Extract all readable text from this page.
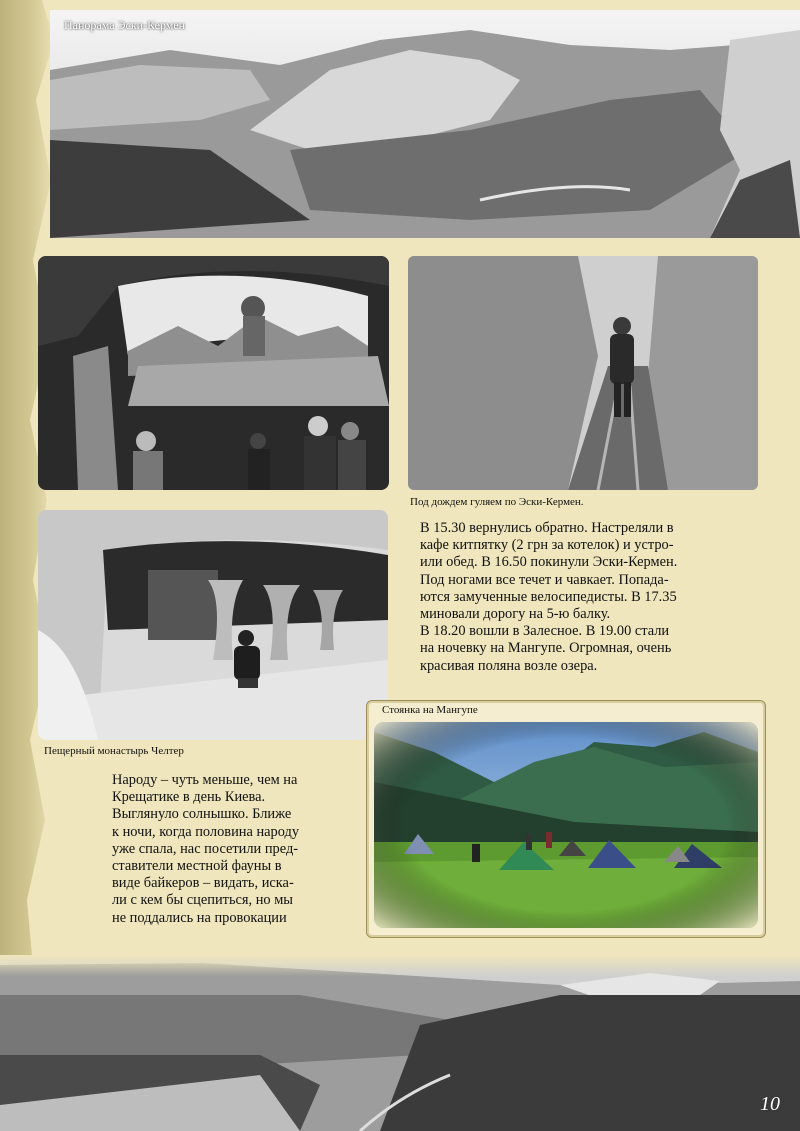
Панорама Эски-Кермен
Под дождем гуляем по Эски-Кермен.
Пещерный монастырь Челтер

В 15.30 вернулись обратно. Настреляли в

кафе китпятку (2 грн за котелок) и устро-

или обед. В 16.50 покинули Эски-Кермен.

Под ногами все течет и чавкает. Попада-

ются замученные велосипедисты. В 17.35

миновали дорогу на 5-ю балку.

В 18.20 вошли в Залесное. В 19.00 стали

на ночевку на Мангупе. Огромная, очень

красивая поляна возле озера.

Стоянка на Мангупе
Народу – чуть меньше, чем на
Крещатике в день Киева.
Выглянуло солнышко. Ближе
к ночи, когда половина народу
уже спала, нас посетили пред-
ставители местной фауны в
виде байкеров – видать, иска-
ли с кем бы сцепиться, но мы
не поддались на провокации
10
